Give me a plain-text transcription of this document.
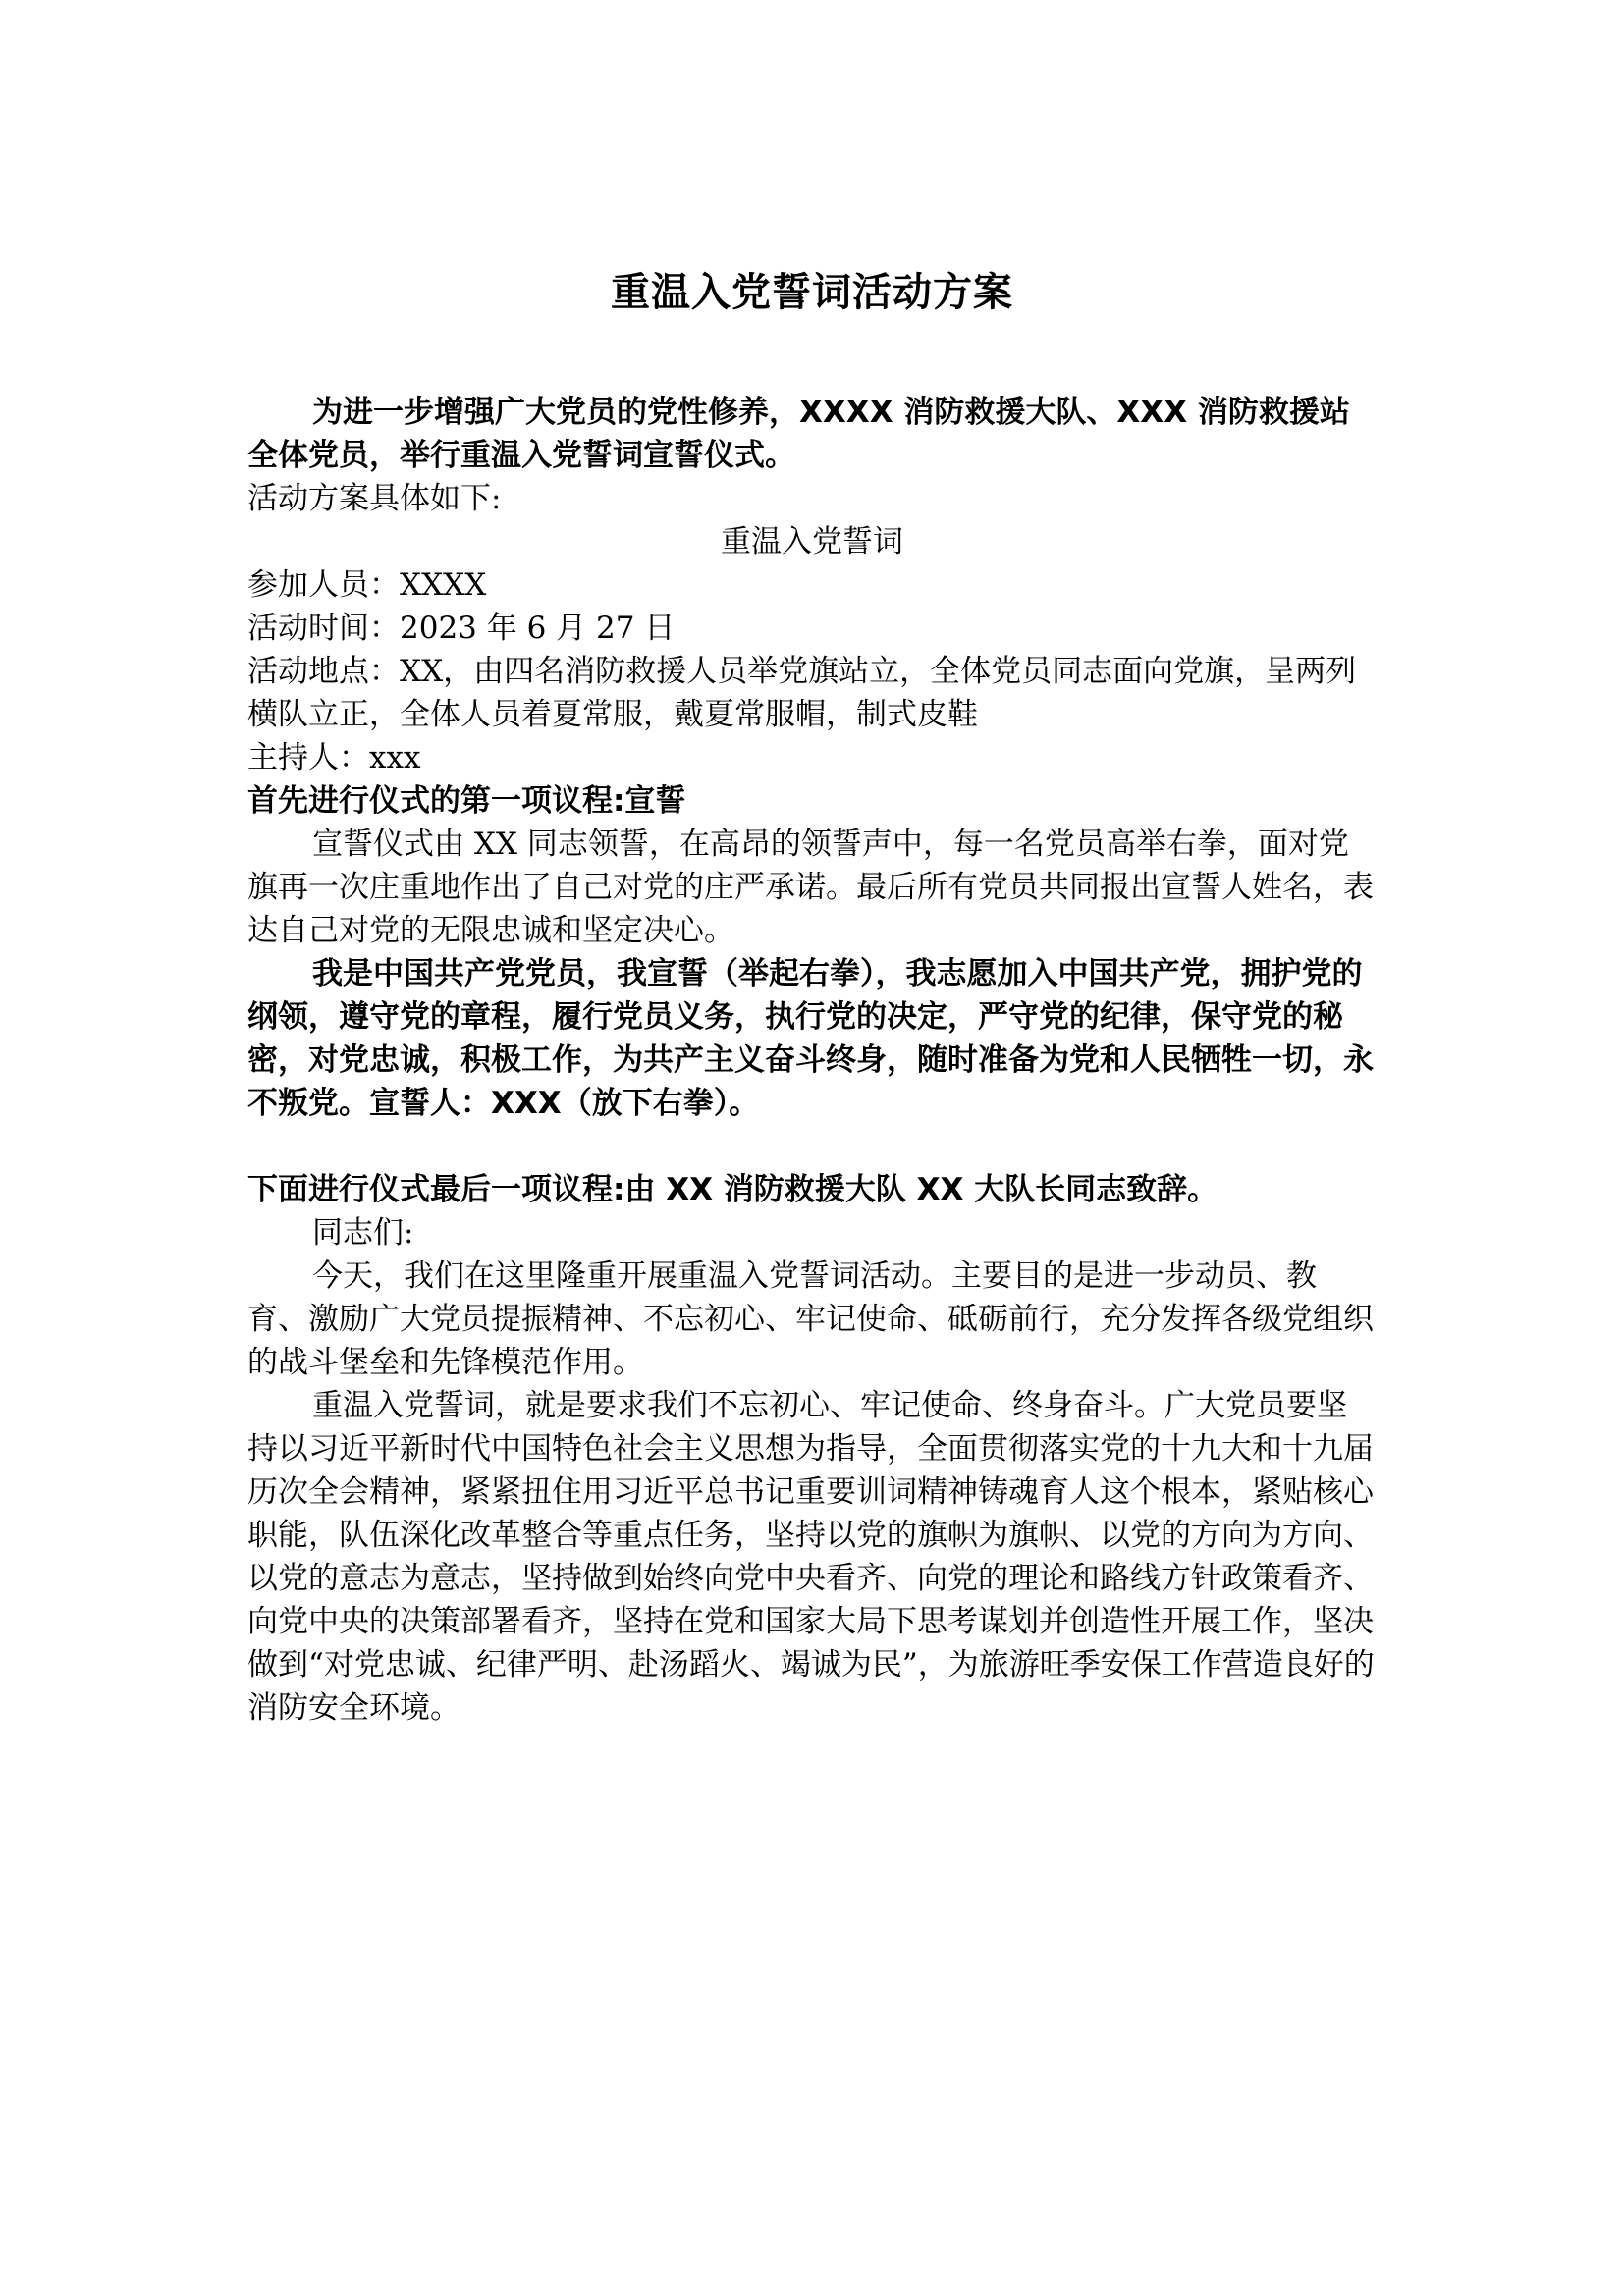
重温入党誓词活动方案

为进一步增强广大党员的党性修养，XXXX 消防救援大队、XXX 消防救援站全体党员，举行重温入党誓词宣誓仪式。

活动方案具体如下:

重温入党誓词

参加人员：XXXX

活动时间：2023 年 6 月 27 日

活动地点：XX，由四名消防救援人员举党旗站立，全体党员同志面向党旗，呈两列横队立正，全体人员着夏常服，戴夏常服帽，制式皮鞋

主持人：xxx

首先进行仪式的第一项议程:宣誓

宣誓仪式由 XX 同志领誓，在高昂的领誓声中，每一名党员高举右拳，面对党旗再一次庄重地作出了自己对党的庄严承诺。最后所有党员共同报出宣誓人姓名，表达自己对党的无限忠诚和坚定决心。

我是中国共产党党员，我宣誓（举起右拳），我志愿加入中国共产党，拥护党的纲领，遵守党的章程，履行党员义务，执行党的决定，严守党的纪律，保守党的秘密，对党忠诚，积极工作，为共产主义奋斗终身，随时准备为党和人民牺牲一切，永不叛党。宣誓人：XXX（放下右拳）。

下面进行仪式最后一项议程:由 XX 消防救援大队 XX 大队长同志致辞。

同志们:

今天，我们在这里隆重开展重温入党誓词活动。主要目的是进一步动员、教育、激励广大党员提振精神、不忘初心、牢记使命、砥砺前行，充分发挥各级党组织的战斗堡垒和先锋模范作用。

重温入党誓词，就是要求我们不忘初心、牢记使命、终身奋斗。广大党员要坚持以习近平新时代中国特色社会主义思想为指导，全面贯彻落实党的十九大和十九届历次全会精神，紧紧扭住用习近平总书记重要训词精神铸魂育人这个根本，紧贴核心职能，队伍深化改革整合等重点任务，坚持以党的旗帜为旗帜、以党的方向为方向、以党的意志为意志，坚持做到始终向党中央看齐、向党的理论和路线方针政策看齐、向党中央的决策部署看齐，坚持在党和国家大局下思考谋划并创造性开展工作，坚决做到“对党忠诚、纪律严明、赴汤蹈火、竭诚为民”，为旅游旺季安保工作营造良好的消防安全环境。
